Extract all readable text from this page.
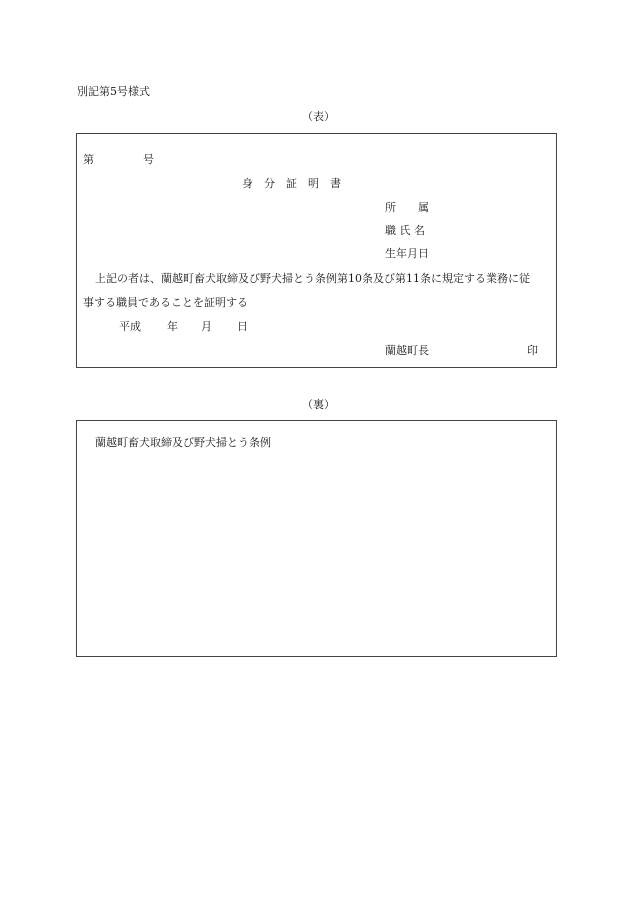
別記第5号様式
（表）
第	号
身　分　証　明　書
所　　属
職 氏 名
生年月日
上記の者は、蘭越町畜犬取締及び野犬掃とう条例第10条及び第11条に規定する業務に従
事する職員であることを証明する
平成 年 月 日
蘭越町長	印
（裏）
蘭越町畜犬取締及び野犬掃とう条例
